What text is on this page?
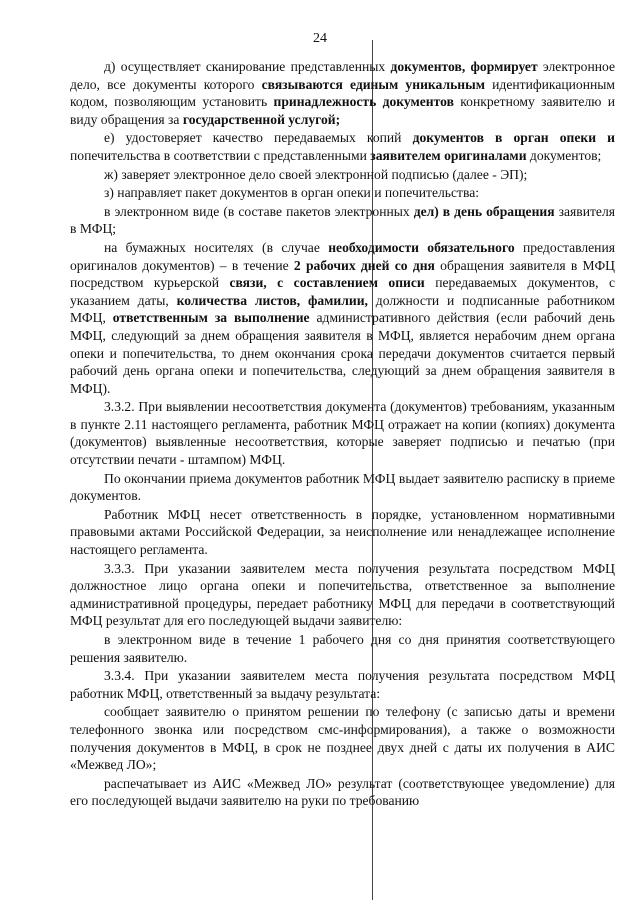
24

д) осуществляет сканирование представленных документов, формирует электронное дело, все документы которого связываются единым уникальным идентификационным кодом, позволяющим установить принадлежность документов конкретному заявителю и виду обращения за государственной услугой;

е) удостоверяет качество передаваемых копий документов в орган опеки и попечительства в соответствии с представленными заявителем оригиналами документов;

ж) заверяет электронное дело своей электронной подписью (далее - ЭП);

з) направляет пакет документов в орган опеки и попечительства:

в электронном виде (в составе пакетов электронных дел) в день обращения заявителя в МФЦ;

на бумажных носителях (в случае необходимости обязательного предоставления оригиналов документов) – в течение 2 рабочих дней со дня обращения заявителя в МФЦ посредством курьерской связи, с составлением описи передаваемых документов, с указанием даты, количества листов, фамилии, должности и подписанные работником МФЦ, ответственным за выполнение административного действия (если рабочий день МФЦ, следующий за днем обращения заявителя в МФЦ, является нерабочим днем органа опеки и попечительства, то днем окончания срока передачи документов считается первый рабочий день органа опеки и попечительства, следующий за днем обращения заявителя в МФЦ).

3.3.2. При выявлении несоответствия документа (документов) требованиям, указанным в пункте 2.11 настоящего регламента, работник МФЦ отражает на копии (копиях) документа (документов) выявленные несоответствия, которые заверяет подписью и печатью (при отсутствии печати - штампом) МФЦ.

По окончании приема документов работник МФЦ выдает заявителю расписку в приеме документов.

Работник МФЦ несет ответственность в порядке, установленном нормативными правовыми актами Российской Федерации, за неисполнение или ненадлежащее исполнение настоящего регламента.

3.3.3. При указании заявителем места получения результата посредством МФЦ должностное лицо органа опеки и попечительства, ответственное за выполнение административной процедуры, передает работнику МФЦ для передачи в соответствующий МФЦ результат для его последующей выдачи заявителю:

в электронном виде в течение 1 рабочего дня со дня принятия соответствующего решения заявителю.

3.3.4. При указании заявителем места получения результата посредством МФЦ работник МФЦ, ответственный за выдачу результата:

сообщает заявителю о принятом решении по телефону (с записью даты и времени телефонного звонка или посредством смс-информирования), а также о возможности получения документов в МФЦ, в срок не позднее двух дней с даты их получения в АИС «Межвед ЛО»;

распечатывает из АИС «Межвед ЛО» результат (соответствующее уведомление) для его последующей выдачи заявителю на руки по требованию
